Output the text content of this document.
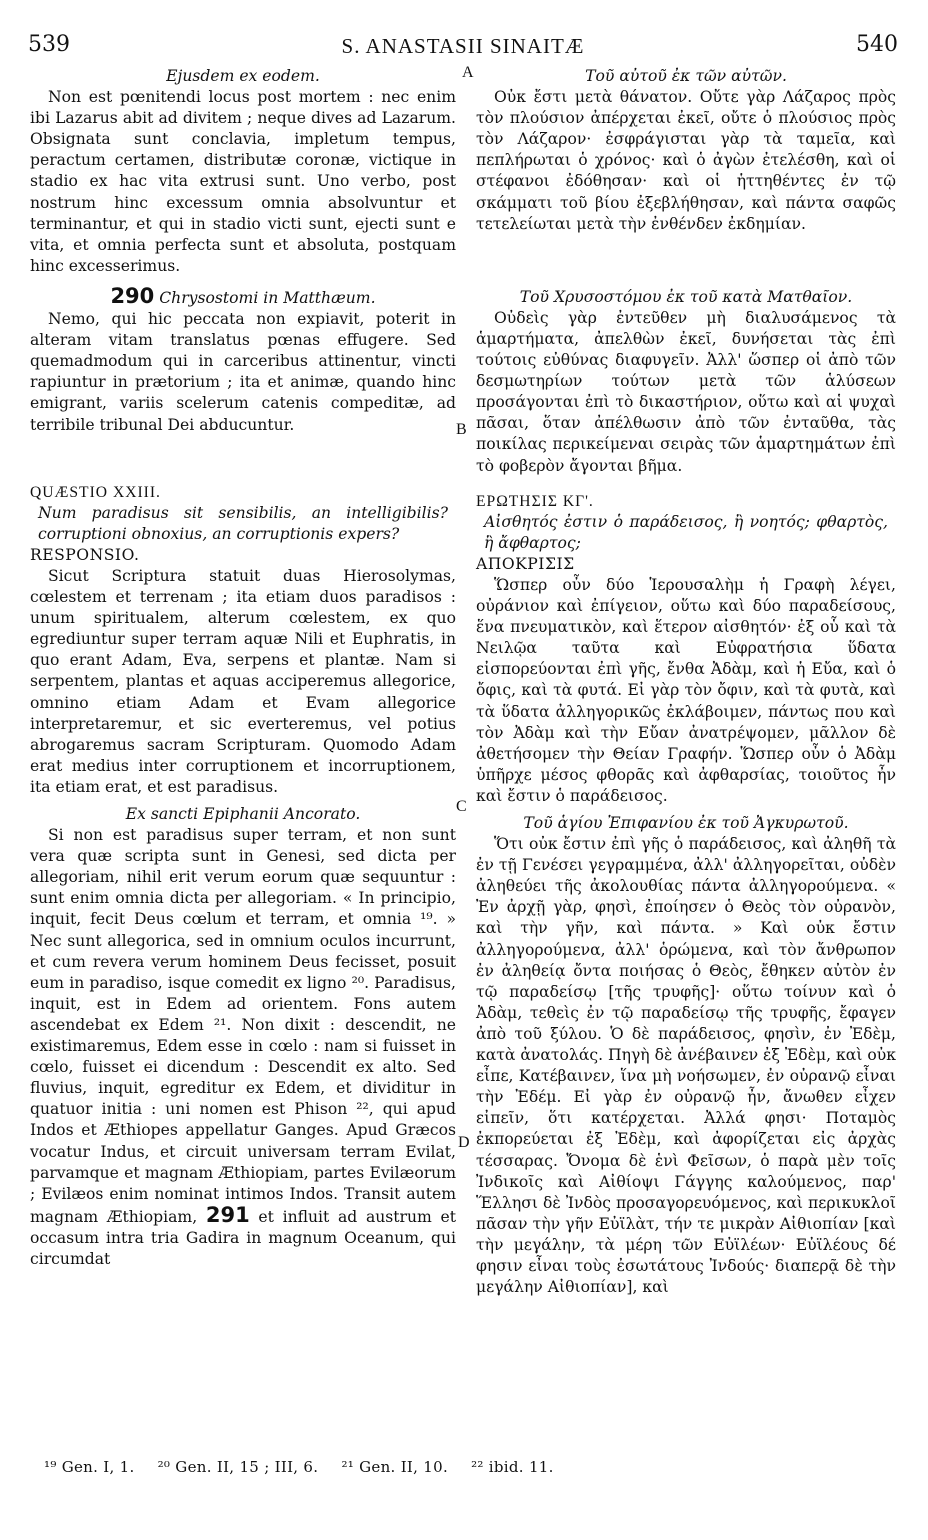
539	S. ANASTASII SINAITÆ	540
A
B
C
D

Ejusdem ex eodem.

Non est pœnitendi locus post mortem : nec enim ibi Lazarus abit ad divitem ; neque dives ad Lazarum. Obsignata sunt conclavia, impletum tempus, peractum certamen, distributæ coronæ, victique in stadio ex hac vita extrusi sunt. Uno verbo, post nostrum hinc excessum omnia absolvuntur et terminantur, et qui in stadio victi sunt, ejecti sunt e vita, et omnia perfecta sunt et absoluta, postquam hinc excesserimus.

290 Chrysostomi in Matthæum.

Nemo, qui hic peccata non expiavit, poterit in alteram vitam translatus pœnas effugere. Sed quemadmodum qui in carceribus attinentur, vincti rapiuntur in prætorium ; ita et animæ, quando hinc emigrant, variis scelerum catenis compeditæ, ad terribile tribunal Dei abducuntur.

QUÆSTIO XXIII.

Num paradisus sit sensibilis, an intelligibilis? corruptioni obnoxius, an corruptionis expers?

RESPONSIO.

Sicut Scriptura statuit duas Hierosolymas, cœlestem et terrenam ; ita etiam duos paradisos : unum spiritualem, alterum cœlestem, ex quo egrediuntur super terram aquæ Nili et Euphratis, in quo erant Adam, Eva, serpens et plantæ. Nam si serpentem, plantas et aquas acciperemus allegorice, omnino etiam Adam et Evam allegorice interpretaremur, et sic everteremus, vel potius abrogaremus sacram Scripturam. Quomodo Adam erat medius inter corruptionem et incorruptionem, ita etiam erat, et est paradisus.

Ex sancti Epiphanii Ancorato.

Si non est paradisus super terram, et non sunt vera quæ scripta sunt in Genesi, sed dicta per allegoriam, nihil erit verum eorum quæ sequuntur : sunt enim omnia dicta per allegoriam. « In principio, inquit, fecit Deus cœlum et terram, et omnia ¹⁹. » Nec sunt allegorica, sed in omnium oculos incurrunt, et cum revera verum hominem Deus fecisset, posuit eum in paradiso, isque comedit ex ligno ²⁰. Paradisus, inquit, est in Edem ad orientem. Fons autem ascendebat ex Edem ²¹. Non dixit : descendit, ne existimaremus, Edem esse in cœlo : nam si fuisset in cœlo, fuisset ei dicendum : Descendit ex alto. Sed fluvius, inquit, egreditur ex Edem, et dividitur in quatuor initia : uni nomen est Phison ²², qui apud Indos et Æthiopes appellatur Ganges. Apud Græcos vocatur Indus, et circuit universam terram Evilat, parvamque et magnam Æthiopiam, partes Evilæorum ; Evilæos enim nominat intimos Indos. Transit autem magnam Æthiopiam, 291 et influit ad austrum et occasum intra tria Gadira in magnum Oceanum, qui circumdat

Τοῦ αὐτοῦ ἐκ τῶν αὐτῶν.

Οὐκ ἔστι μετὰ θάνατον. Οὔτε γὰρ Λάζαρος πρὸς τὸν πλούσιον ἀπέρχεται ἐκεῖ, οὔτε ὁ πλούσιος πρὸς τὸν Λάζαρον· ἐσφράγισται γὰρ τὰ ταμεῖα, καὶ πεπλήρωται ὁ χρόνος· καὶ ὁ ἀγὼν ἐτελέσθη, καὶ οἱ στέφανοι ἐδόθησαν· καὶ οἱ ἡττηθέντες ἐν τῷ σκάμματι τοῦ βίου ἐξεβλήθησαν, καὶ πάντα σαφῶς τετελείωται μετὰ τὴν ἐνθένδεν ἐκδημίαν.

Τοῦ Χρυσοστόμου ἐκ τοῦ κατὰ Ματθαῖον.

Οὐδεὶς γὰρ ἐντεῦθεν μὴ διαλυσάμενος τὰ ἁμαρτήματα, ἀπελθὼν ἐκεῖ, δυνήσεται τὰς ἐπὶ τούτοις εὐθύνας διαφυγεῖν. Ἀλλ' ὥσπερ οἱ ἀπὸ τῶν δεσμωτηρίων τούτων μετὰ τῶν ἁλύσεων προσάγονται ἐπὶ τὸ δικαστήριον, οὕτω καὶ αἱ ψυχαὶ πᾶσαι, ὅταν ἀπέλθωσιν ἀπὸ τῶν ἐνταῦθα, τὰς ποικίλας περικείμεναι σειρὰς τῶν ἁμαρτημάτων ἐπὶ τὸ φοβερὸν ἄγονται βῆμα.

ΕΡΩΤΗΣΙΣ ΚΓ'.

Αἰσθητός ἐστιν ὁ παράδεισος, ἢ νοητός; φθαρτὸς, ἢ ἄφθαρτος;

ΑΠΟΚΡΙΣΙΣ

Ὥσπερ οὖν δύο Ἱερουσαλὴμ ἡ Γραφὴ λέγει, οὐράνιον καὶ ἐπίγειον, οὕτω καὶ δύο παραδείσους, ἕνα πνευματικὸν, καὶ ἕτερον αἰσθητόν· ἐξ οὗ καὶ τὰ Νειλῷα ταῦτα καὶ Εὐφρατήσια ὕδατα εἰσπορεύονται ἐπὶ γῆς, ἔνθα Ἀδὰμ, καὶ ἡ Εὔα, καὶ ὁ ὄφις, καὶ τὰ φυτά. Εἰ γὰρ τὸν ὄφιν, καὶ τὰ φυτὰ, καὶ τὰ ὕδατα ἀλληγορικῶς ἐκλάβοιμεν, πάντως που καὶ τὸν Ἀδὰμ καὶ τὴν Εὔαν ἀνατρέψομεν, μᾶλλον δὲ ἀθετήσομεν τὴν Θείαν Γραφήν. Ὥσπερ οὖν ὁ Ἀδὰμ ὑπῆρχε μέσος φθορᾶς καὶ ἀφθαρσίας, τοιοῦτος ἦν καὶ ἔστιν ὁ παράδεισος.

Τοῦ ἁγίου Ἐπιφανίου ἐκ τοῦ Ἀγκυρωτοῦ.

Ὅτι οὐκ ἔστιν ἐπὶ γῆς ὁ παράδεισος, καὶ ἀληθῆ τὰ ἐν τῇ Γενέσει γεγραμμένα, ἀλλ' ἀλληγορεῖται, οὐδὲν ἀληθεύει τῆς ἀκολουθίας πάντα ἀλληγορούμενα. « Ἐν ἀρχῇ γὰρ, φησὶ, ἐποίησεν ὁ Θεὸς τὸν οὐρανὸν, καὶ τὴν γῆν, καὶ πάντα. » Καὶ οὐκ ἔστιν ἀλληγορούμενα, ἀλλ' ὁρώμενα, καὶ τὸν ἄνθρωπον ἐν ἀληθείᾳ ὄντα ποιήσας ὁ Θεὸς, ἔθηκεν αὐτὸν ἐν τῷ παραδείσῳ [τῆς τρυφῆς]· οὕτω τοίνυν καὶ ὁ Ἀδὰμ, τεθεὶς ἐν τῷ παραδείσῳ τῆς τρυφῆς, ἔφαγεν ἀπὸ τοῦ ξύλου. Ὁ δὲ παράδεισος, φησὶν, ἐν Ἐδὲμ, κατὰ ἀνατολάς. Πηγὴ δὲ ἀνέβαινεν ἐξ Ἐδὲμ, καὶ οὐκ εἶπε, Κατέβαινεν, ἵνα μὴ νοήσωμεν, ἐν οὐρανῷ εἶναι τὴν Ἐδέμ. Εἰ γὰρ ἐν οὐρανῷ ἦν, ἄνωθεν εἶχεν εἰπεῖν, ὅτι κατέρχεται. Ἀλλά φησι· Ποταμὸς ἐκπορεύεται ἐξ Ἐδὲμ, καὶ ἀφορίζεται εἰς ἀρχὰς τέσσαρας. Ὄνομα δὲ ἑνὶ Φεῖσων, ὁ παρὰ μὲν τοῖς Ἰνδικοῖς καὶ Αἰθίοψι Γάγγης καλούμενος, παρ' Ἕλλησι δὲ Ἰνδὸς προσαγορευόμενος, καὶ περικυκλοῖ πᾶσαν τὴν γῆν Εὐϊλὰτ, τήν τε μικρὰν Αἰθιοπίαν [καὶ τὴν μεγάλην, τὰ μέρη τῶν Εὐϊλέων· Εὐϊλέους δέ φησιν εἶναι τοὺς ἐσωτάτους Ἰνδούς· διαπερᾷ δὲ τὴν μεγάλην Αἰθιοπίαν], καὶ

¹⁹ Gen. I, 1. ²⁰ Gen. II, 15 ; III, 6. ²¹ Gen. II, 10. ²² ibid. 11.
